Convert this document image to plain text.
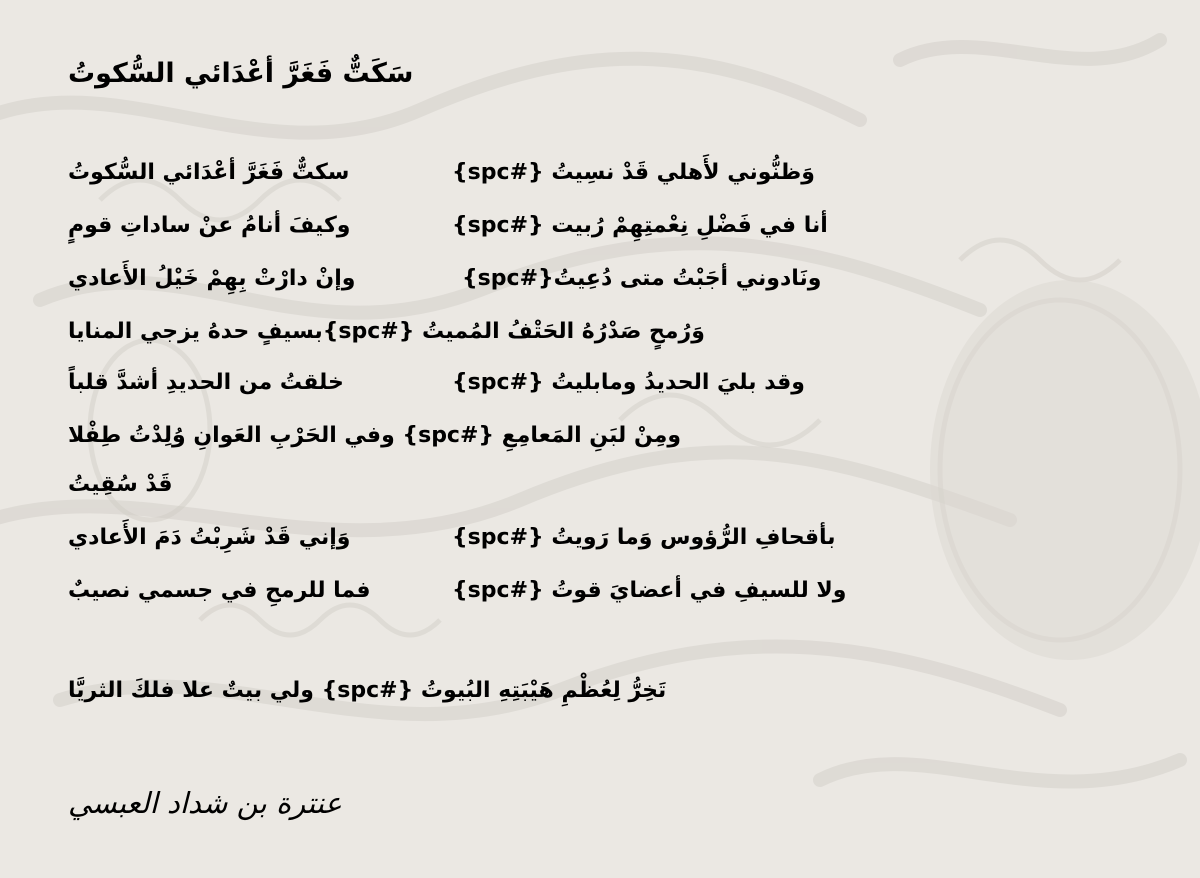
سَكَتٌّ فَغَرَّ أعْدَائي السُّكوتُ
وَظنُّوني لأَهلي قَدْ نسِيتُ {#spc}
سكتٌّ فَغَرَّ أعْدَائي السُّكوتُ
أنا في فَضْلِ نِعْمتِهِمْ رُبيت {#spc}
وكيفَ أنامُ عنْ ساداتِ قومٍ
ونَادوني أجَبْتُ متى دُعِيتُ{#spc}
وإنْ دارْتْ بِهِمْ خَيْلُ الأَعادي
وَرُمحٍ صَدْرُهُ الحَتْفُ المُميتُ {#spc}بسيفٍ حدهُ يزجي المنايا
وقد بليَ الحديدُ ومابليتُ {#spc}
خلقتُ من الحديدِ أشدَّ قلباً
ومِنْ لبَنِ المَعامِعِ {#spc} وفي الحَرْبِ العَوانِ وُلِدْتُ طِفْلا
قَدْ سُقِيتُ
بأقحافِ الرُّؤوس وَما رَويتُ {#spc}
وَإني قَدْ شَرِبْتُ دَمَ الأَعادي
ولا للسيفِ في أعضايَ قوتُ {#spc}
فما للرمحِ في جسمي نصيبٌ
تَخِرُّ لِعُظْمِ هَيْبَتِهِ البُيوتُ {#spc} ولي بيتٌ علا فلكَ الثريَّا
عنترة بن شداد العبسي
